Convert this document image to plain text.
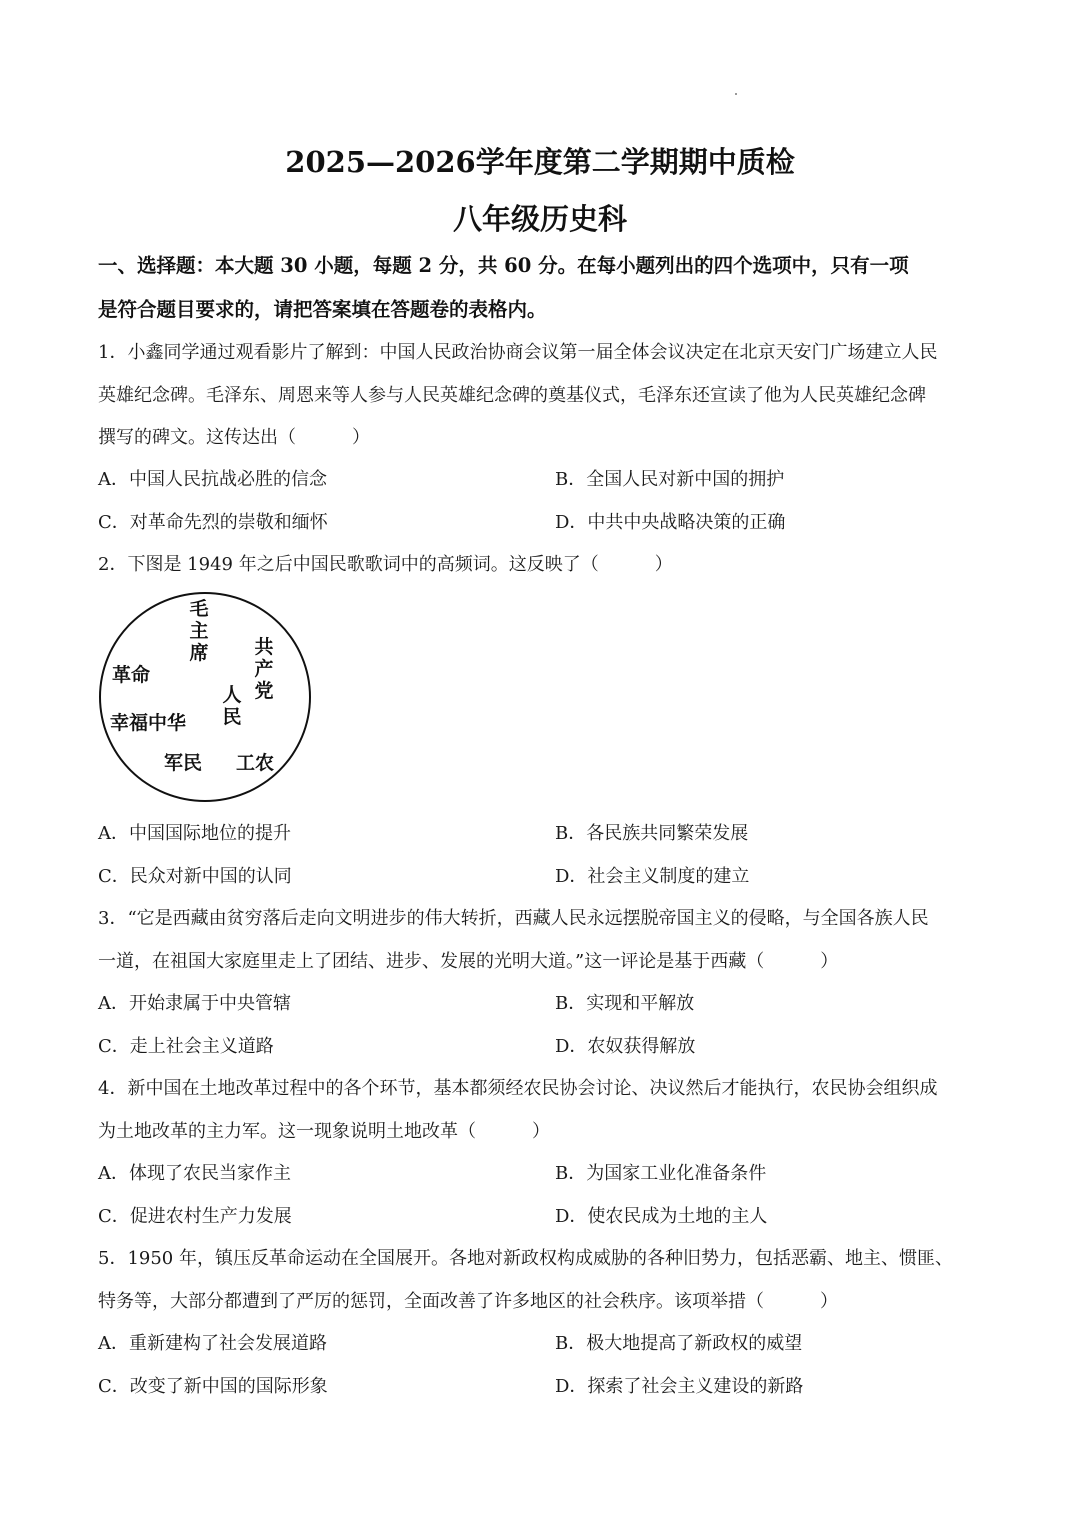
2025—2026学年度第二学期期中质检
八年级历史科
一、选择题：本大题 30 小题，每题 2 分，共 60 分。在每小题列出的四个选项中，只有一项
是符合题目要求的，请把答案填在答题卷的表格内。
1．小鑫同学通过观看影片了解到：中国人民政治协商会议第一届全体会议决定在北京天安门广场建立人民
英雄纪念碑。毛泽东、周恩来等人参与人民英雄纪念碑的奠基仪式，毛泽东还宣读了他为人民英雄纪念碑
撰写的碑文。这传达出（	）
A．中国人民抗战必胜的信念	B．全国人民对新中国的拥护
C．对革命先烈的崇敬和缅怀	D．中共中央战略决策的正确
2．下图是 1949 年之后中国民歌歌词中的高频词。这反映了（	）
毛主席 共产党
革命
人民
幸福中华
军民 工农
A．中国国际地位的提升	B．各民族共同繁荣发展
C．民众对新中国的认同	D．社会主义制度的建立
3．“它是西藏由贫穷落后走向文明进步的伟大转折，西藏人民永远摆脱帝国主义的侵略，与全国各族人民
一道，在祖国大家庭里走上了团结、进步、发展的光明大道。”这一评论是基于西藏（	）
A．开始隶属于中央管辖	B．实现和平解放
C．走上社会主义道路	D．农奴获得解放
4．新中国在土地改革过程中的各个环节，基本都须经农民协会讨论、决议然后才能执行，农民协会组织成
为土地改革的主力军。这一现象说明土地改革（	）
A．体现了农民当家作主	B．为国家工业化准备条件
C．促进农村生产力发展	D．使农民成为土地的主人
5．1950 年，镇压反革命运动在全国展开。各地对新政权构成威胁的各种旧势力，包括恶霸、地主、惯匪、
特务等，大部分都遭到了严厉的惩罚，全面改善了许多地区的社会秩序。该项举措（	）
A．重新建构了社会发展道路	B．极大地提高了新政权的威望
C．改变了新中国的国际形象	D．探索了社会主义建设的新路
